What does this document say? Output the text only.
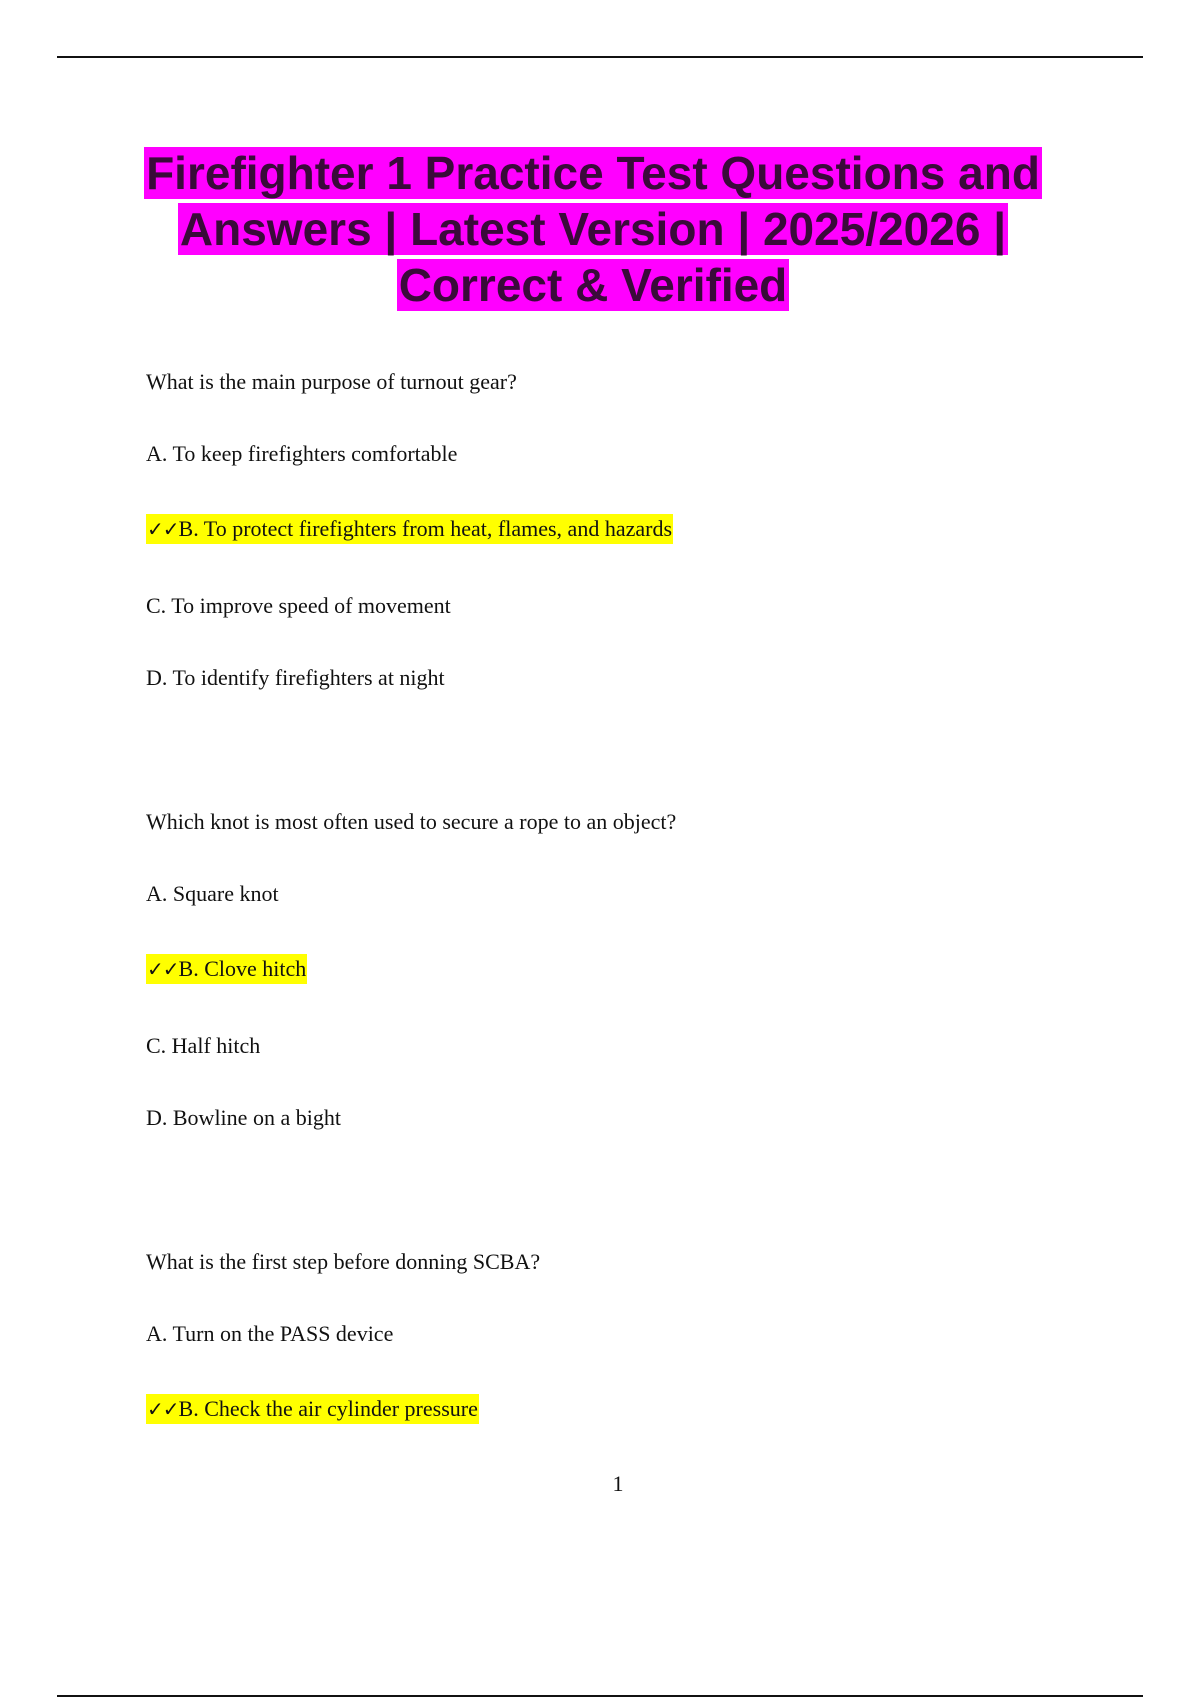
Firefighter 1 Practice Test Questions and Answers | Latest Version | 2025/2026 | Correct & Verified
What is the main purpose of turnout gear?
A. To keep firefighters comfortable
✓✓B. To protect firefighters from heat, flames, and hazards
C. To improve speed of movement
D. To identify firefighters at night
Which knot is most often used to secure a rope to an object?
A. Square knot
✓✓B. Clove hitch
C. Half hitch
D. Bowline on a bight
What is the first step before donning SCBA?
A. Turn on the PASS device
✓✓B. Check the air cylinder pressure
1
